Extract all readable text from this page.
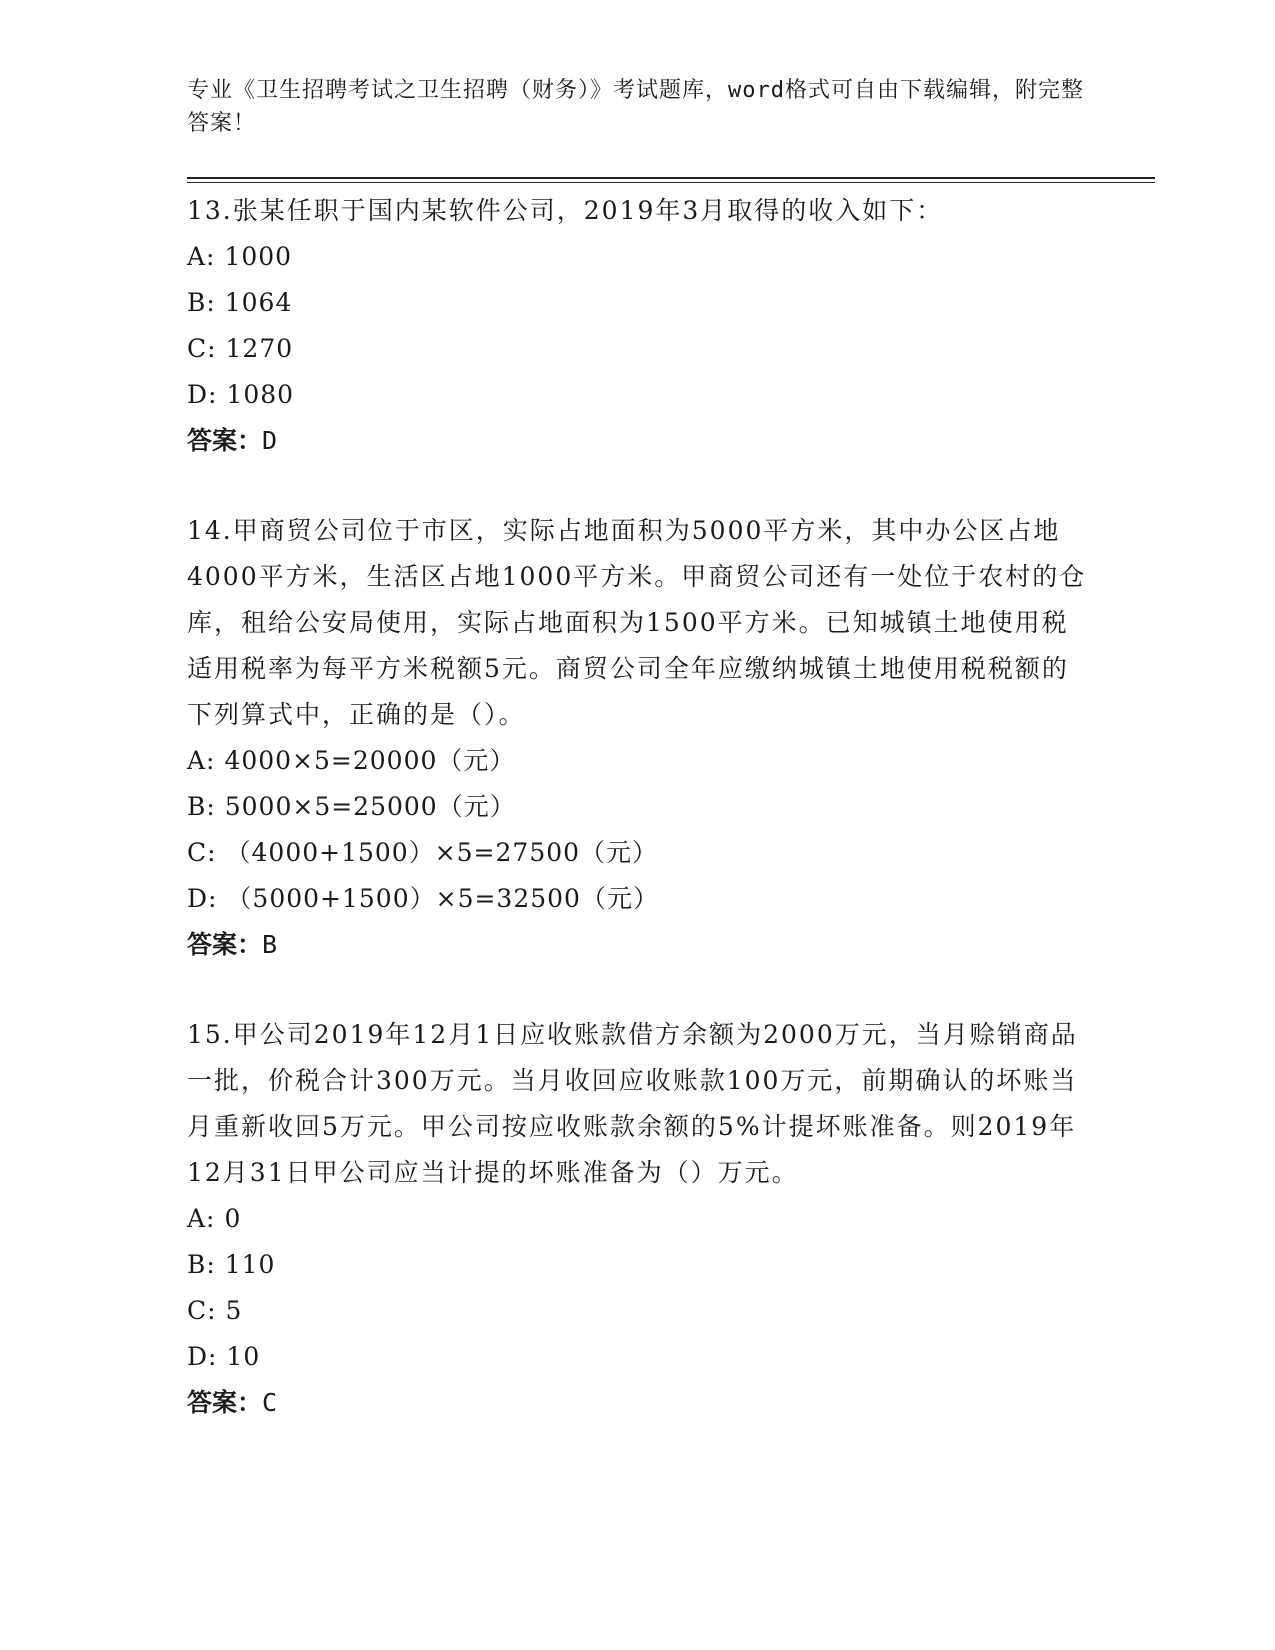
专业《卫生招聘考试之卫生招聘（财务）》考试题库，word格式可自由下载编辑，附完整答案！

13.张某任职于国内某软件公司，2019年3月取得的收入如下：

A: 1000

B: 1064

C: 1270

D: 1080

答案：D

14.甲商贸公司位于市区，实际占地面积为5000平方米，其中办公区占地4000平方米，生活区占地1000平方米。甲商贸公司还有一处位于农村的仓库，租给公安局使用，实际占地面积为1500平方米。已知城镇土地使用税适用税率为每平方米税额5元。商贸公司全年应缴纳城镇土地使用税税额的下列算式中，正确的是（）。

A: 4000×5=20000（元）

B: 5000×5=25000（元）

C: （4000+1500）×5=27500（元）

D: （5000+1500）×5=32500（元）

答案：B

15.甲公司2019年12月1日应收账款借方余额为2000万元，当月赊销商品一批，价税合计300万元。当月收回应收账款100万元，前期确认的坏账当月重新收回5万元。甲公司按应收账款余额的5%计提坏账准备。则2019年12月31日甲公司应当计提的坏账准备为（）万元。

A: 0

B: 110

C: 5

D: 10

答案：C
